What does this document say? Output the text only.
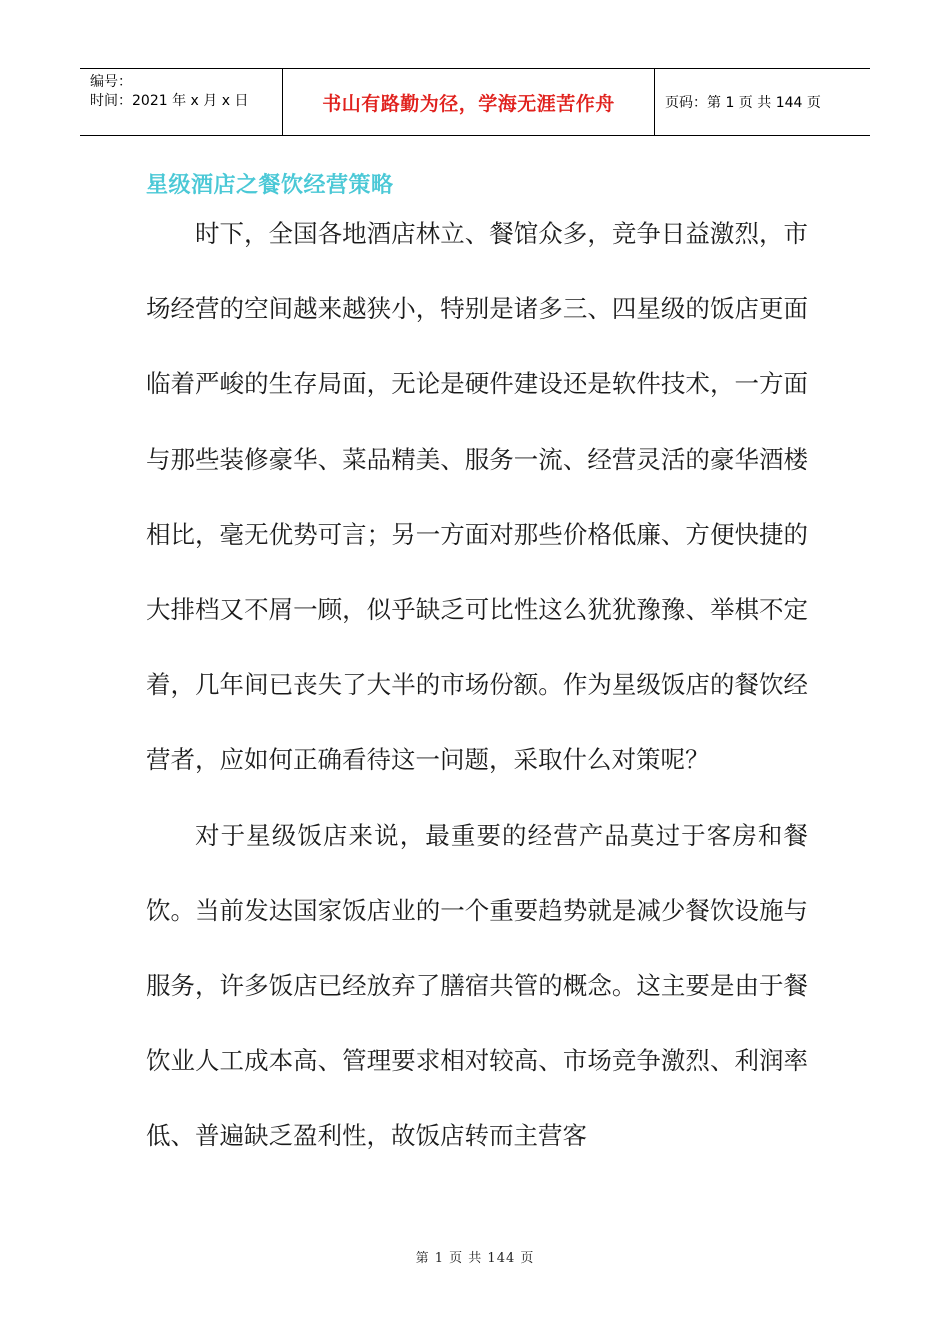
编号：
时间：2021 年 x 月 x 日	书山有路勤为径，学海无涯苦作舟	页码：第 1 页 共 144 页
星级酒店之餐饮经营策略

时下，全国各地酒店林立、餐馆众多，竞争日益激烈，市场经营的空间越来越狭小，特别是诸多三、四星级的饭店更面临着严峻的生存局面，无论是硬件建设还是软件技术，一方面与那些装修豪华、菜品精美、服务一流、经营灵活的豪华酒楼相比，毫无优势可言；另一方面对那些价格低廉、方便快捷的大排档又不屑一顾，似乎缺乏可比性这么犹犹豫豫、举棋不定着，几年间已丧失了大半的市场份额。作为星级饭店的餐饮经营者，应如何正确看待这一问题，采取什么对策呢？

对于星级饭店来说，最重要的经营产品莫过于客房和餐饮。当前发达国家饭店业的一个重要趋势就是减少餐饮设施与服务，许多饭店已经放弃了膳宿共管的概念。这主要是由于餐饮业人工成本高、管理要求相对较高、市场竞争激烈、利润率低、普遍缺乏盈利性，故饭店转而主营客

第 1 页 共 144 页
